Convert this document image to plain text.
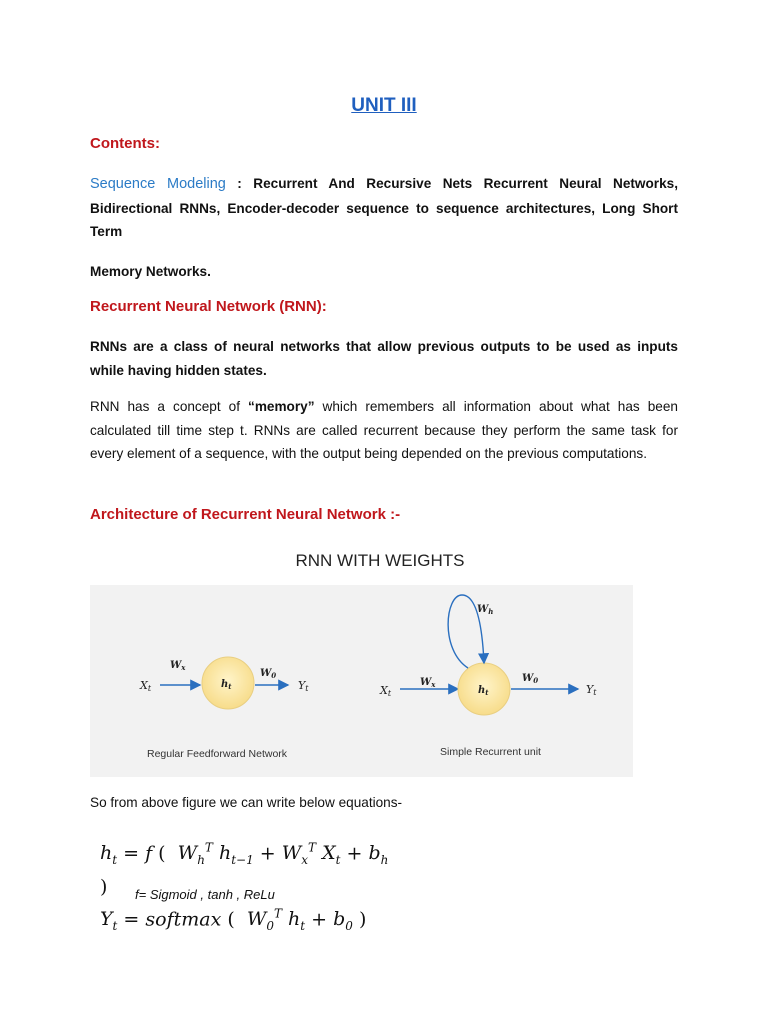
UNIT III
Contents:
Sequence Modeling : Recurrent And Recursive Nets Recurrent Neural Networks, Bidirectional RNNs, Encoder-decoder sequence to sequence architectures, Long Short Term
Memory Networks.
Recurrent Neural Network (RNN):
RNNs are a class of neural networks that allow previous outputs to be used as inputs while having hidden states.
RNN has a concept of “memory” which remembers all information about what has been calculated till time step t. RNNs are called recurrent because they perform the same task for every element of a sequence, with the output being depended on the previous computations.
Architecture of Recurrent Neural Network :-
RNN WITH WEIGHTS
Xt
$W_x$
$h_t$
$W_0$
Yt
Regular Feedforward Network
Xt
$W_x$
$h_t$
$W_h$
$W_0$
Yt
Simple Recurrent unit
So from above figure we can write below equations-
$h_t = f$ (  $W_h^T$ $h_{t-1} + W_x^T$ $X_t + b_h$ )
$Y_t$ = softmax (  $W_0^T$ $h_t + b_0$ )
f= Sigmoid , tanh , ReLu
